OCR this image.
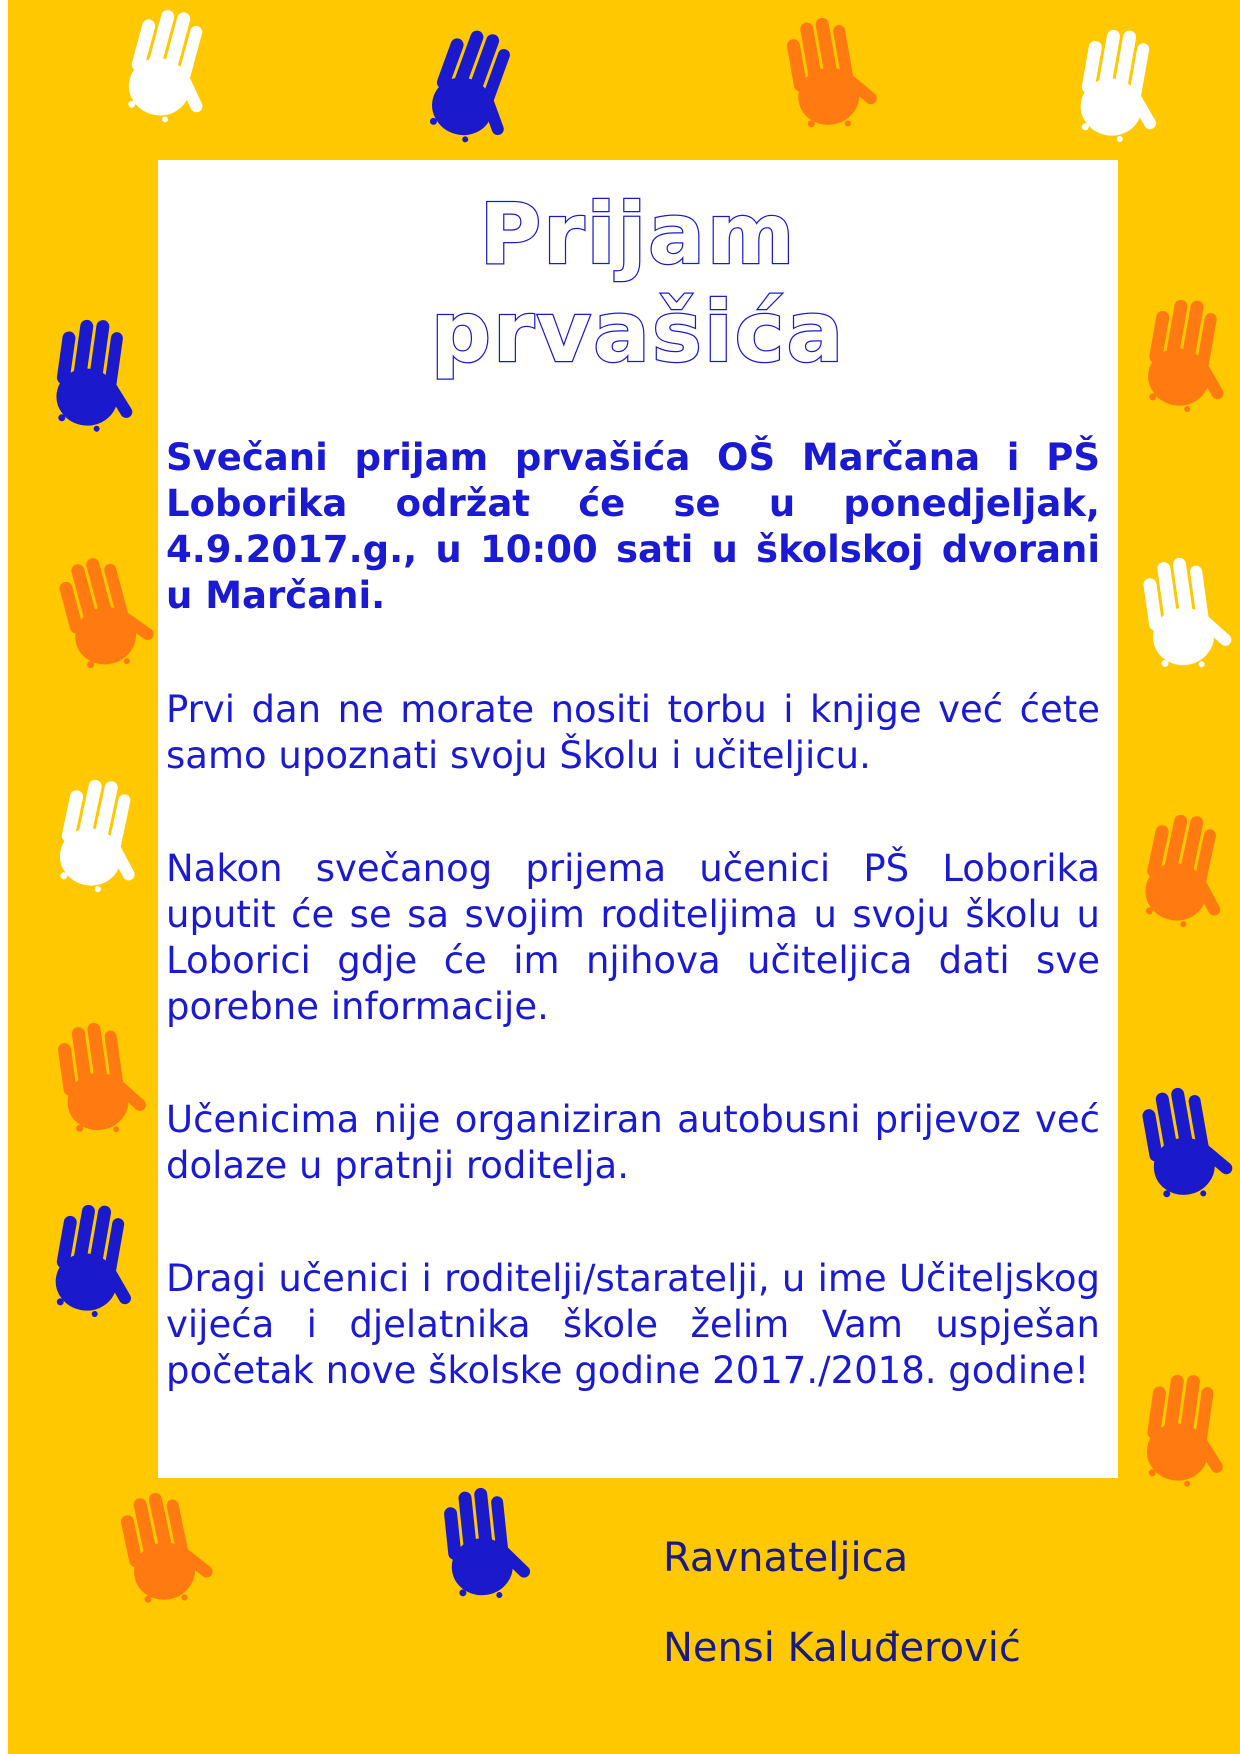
Prijam
prvašića
Svečani prijam prvašića OŠ Marčana i PŠ Loborika održat će se u ponedjeljak, 4.9.2017.g., u 10:00 sati u školskoj dvorani u Marčani.
Prvi dan ne morate nositi torbu i knjige već ćete samo upoznati svoju Školu i učiteljicu.
Nakon svečanog prijema učenici PŠ Loborika uputit će se sa svojim roditeljima u svoju školu u Loborici gdje će im njihova učiteljica dati sve porebne informacije.
Učenicima nije organiziran autobusni prijevoz već dolaze u pratnji roditelja.
Dragi učenici i roditelji/staratelji, u ime Učiteljskog vijeća i djelatnika škole želim Vam uspješan početak nove školske godine 2017./2018. godine!
Ravnateljica
Nensi Kaluđerović
